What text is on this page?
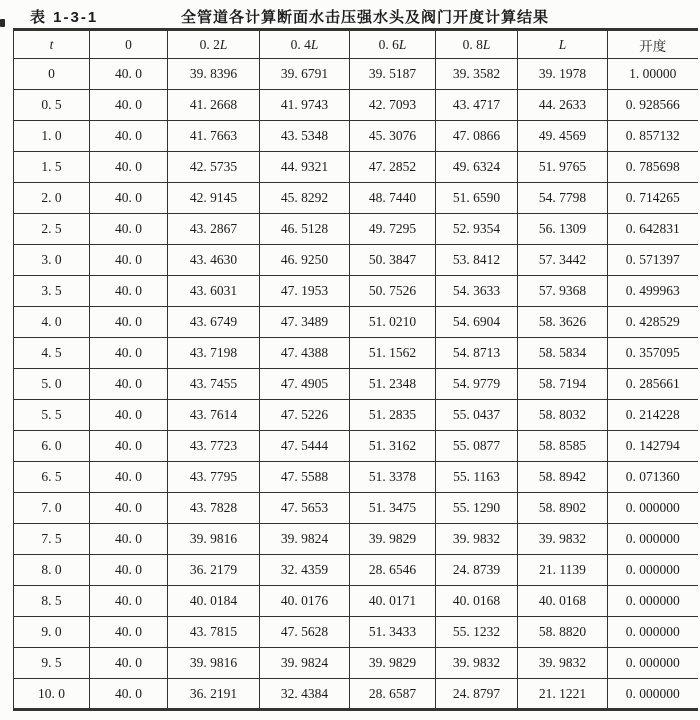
表 1-3-1	全管道各计算断面水击压强水头及阀门开度计算结果
t	0	0. 2L	0. 4L	0. 6L	0. 8L	L	开度
0	40. 0	39. 8396	39. 6791	39. 5187	39. 3582	39. 1978	1. 00000
0. 5	40. 0	41. 2668	41. 9743	42. 7093	43. 4717	44. 2633	0. 928566
1. 0	40. 0	41. 7663	43. 5348	45. 3076	47. 0866	49. 4569	0. 857132
1. 5	40. 0	42. 5735	44. 9321	47. 2852	49. 6324	51. 9765	0. 785698
2. 0	40. 0	42. 9145	45. 8292	48. 7440	51. 6590	54. 7798	0. 714265
2. 5	40. 0	43. 2867	46. 5128	49. 7295	52. 9354	56. 1309	0. 642831
3. 0	40. 0	43. 4630	46. 9250	50. 3847	53. 8412	57. 3442	0. 571397
3. 5	40. 0	43. 6031	47. 1953	50. 7526	54. 3633	57. 9368	0. 499963
4. 0	40. 0	43. 6749	47. 3489	51. 0210	54. 6904	58. 3626	0. 428529
4. 5	40. 0	43. 7198	47. 4388	51. 1562	54. 8713	58. 5834	0. 357095
5. 0	40. 0	43. 7455	47. 4905	51. 2348	54. 9779	58. 7194	0. 285661
5. 5	40. 0	43. 7614	47. 5226	51. 2835	55. 0437	58. 8032	0. 214228
6. 0	40. 0	43. 7723	47. 5444	51. 3162	55. 0877	58. 8585	0. 142794
6. 5	40. 0	43. 7795	47. 5588	51. 3378	55. 1163	58. 8942	0. 071360
7. 0	40. 0	43. 7828	47. 5653	51. 3475	55. 1290	58. 8902	0. 000000
7. 5	40. 0	39. 9816	39. 9824	39. 9829	39. 9832	39. 9832	0. 000000
8. 0	40. 0	36. 2179	32. 4359	28. 6546	24. 8739	21. 1139	0. 000000
8. 5	40. 0	40. 0184	40. 0176	40. 0171	40. 0168	40. 0168	0. 000000
9. 0	40. 0	43. 7815	47. 5628	51. 3433	55. 1232	58. 8820	0. 000000
9. 5	40. 0	39. 9816	39. 9824	39. 9829	39. 9832	39. 9832	0. 000000
10. 0	40. 0	36. 2191	32. 4384	28. 6587	24. 8797	21. 1221	0. 000000
